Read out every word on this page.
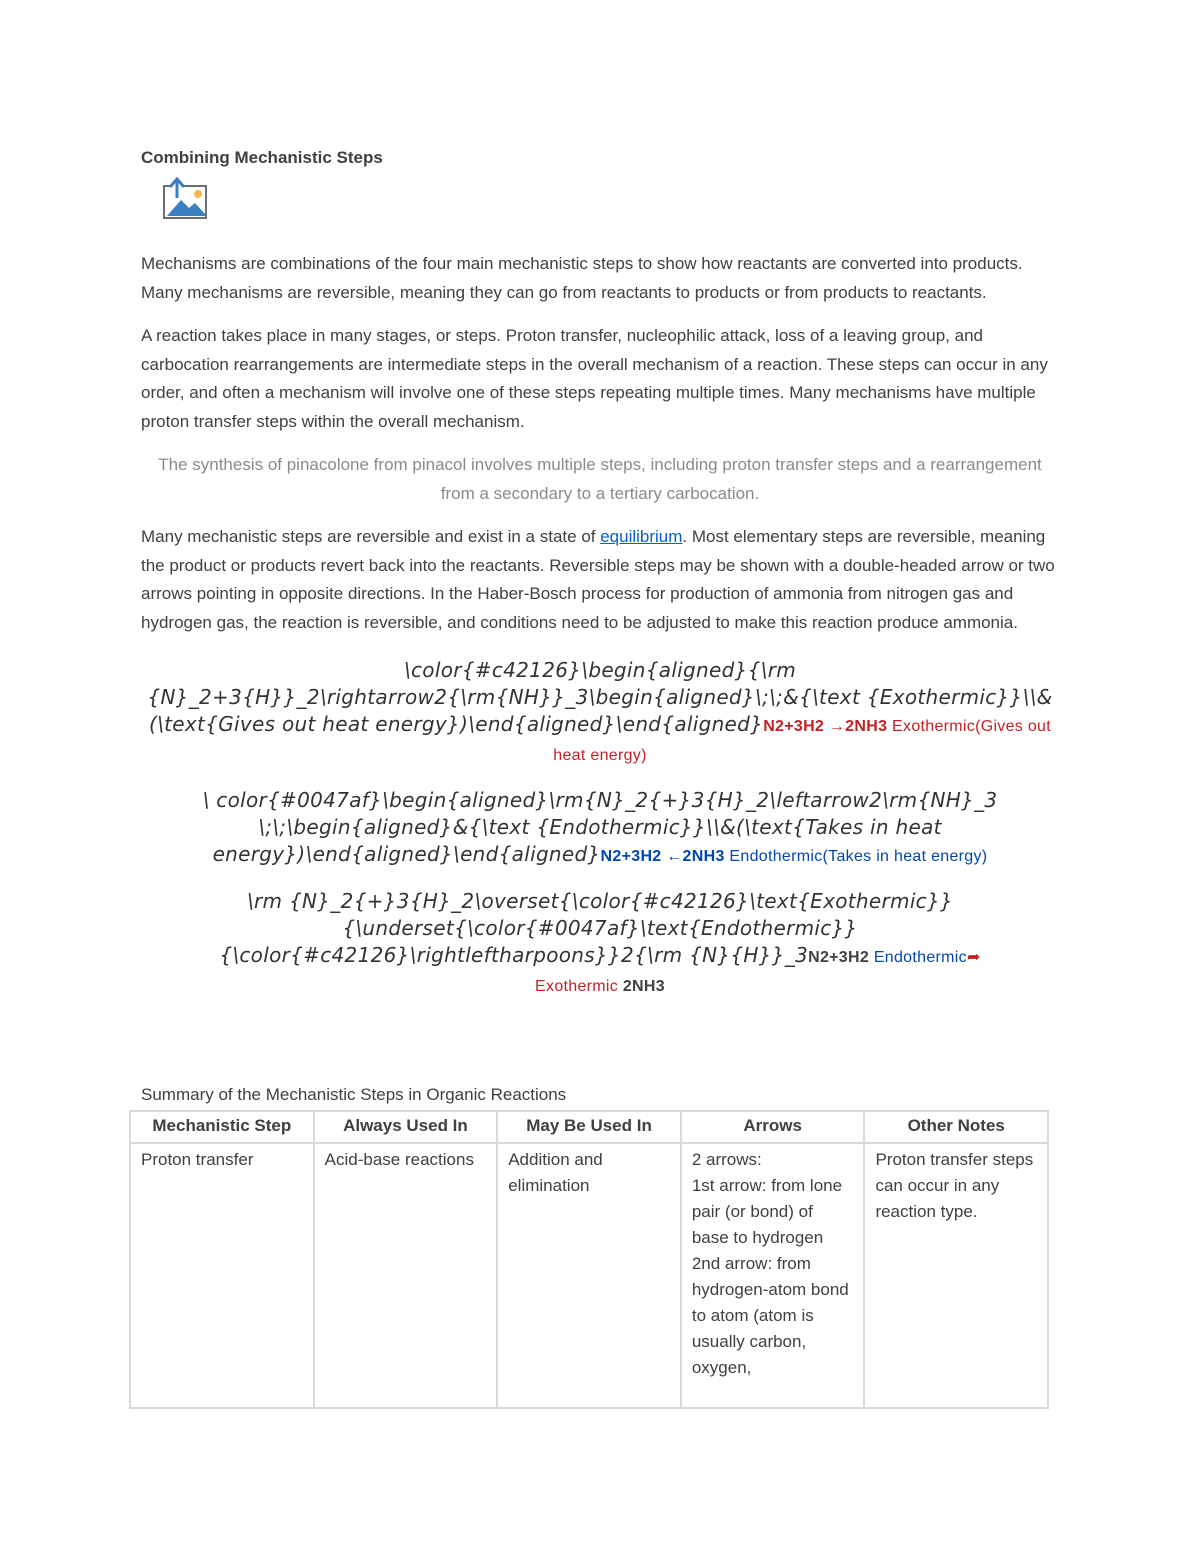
Combining Mechanistic Steps

Mechanisms are combinations of the four main mechanistic steps to show how reactants are converted into products. Many mechanisms are reversible, meaning they can go from reactants to products or from products to reactants.

A reaction takes place in many stages, or steps. Proton transfer, nucleophilic attack, loss of a leaving group, and carbocation rearrangements are intermediate steps in the overall mechanism of a reaction. These steps can occur in any order, and often a mechanism will involve one of these steps repeating multiple times. Many mechanisms have multiple proton transfer steps within the overall mechanism.

The synthesis of pinacolone from pinacol involves multiple steps, including proton transfer steps and a rearrangement from a secondary to a tertiary carbocation.

Many mechanistic steps are reversible and exist in a state of equilibrium. Most elementary steps are reversible, meaning the product or products revert back into the reactants. Reversible steps may be shown with a double-headed arrow or two arrows pointing in opposite directions. In the Haber-Bosch process for production of ammonia from nitrogen gas and hydrogen gas, the reaction is reversible, and conditions need to be adjusted to make this reaction produce ammonia.

\color{#c42126}\begin{aligned}{\rm {N}_2+3{H}}_2\rightarrow2{\rm{NH}}_3\begin{aligned}\;\;&{\text {Exothermic}}\\&(\text{Gives out heat energy})\end{aligned}\end{aligned}N2+3H2 →2NH3 Exothermic(Gives out heat energy)
\ color{#0047af}\begin{aligned}\rm{N}_2{+}3{H}_2\leftarrow2\rm{NH}_3 \;\;\begin{aligned}&{\text {Endothermic}}\\&(\text{Takes in heat energy})\end{aligned}\end{aligned}N2+3H2 ←2NH3 Endothermic(Takes in heat energy)
\rm {N}_2{+}3{H}_2\overset{\color{#c42126}\text{Exothermic}}{\underset{\color{#0047af}\text{Endothermic}}{\color{#c42126}\rightleftharpoons}}2{\rm {N}{H}}_3N2+3H2 Endothermic➦
Exothermic 2NH3
Summary of the Mechanistic Steps in Organic Reactions
Mechanistic Step	Always Used In	May Be Used In	Arrows	Other Notes
Proton transfer	Acid-base reactions	Addition and elimination	2 arrows:
1st arrow: from lone pair (or bond) of base to hydrogen
2nd arrow: from hydrogen-atom bond to atom (atom is usually carbon, oxygen,	Proton transfer steps can occur in any reaction type.
